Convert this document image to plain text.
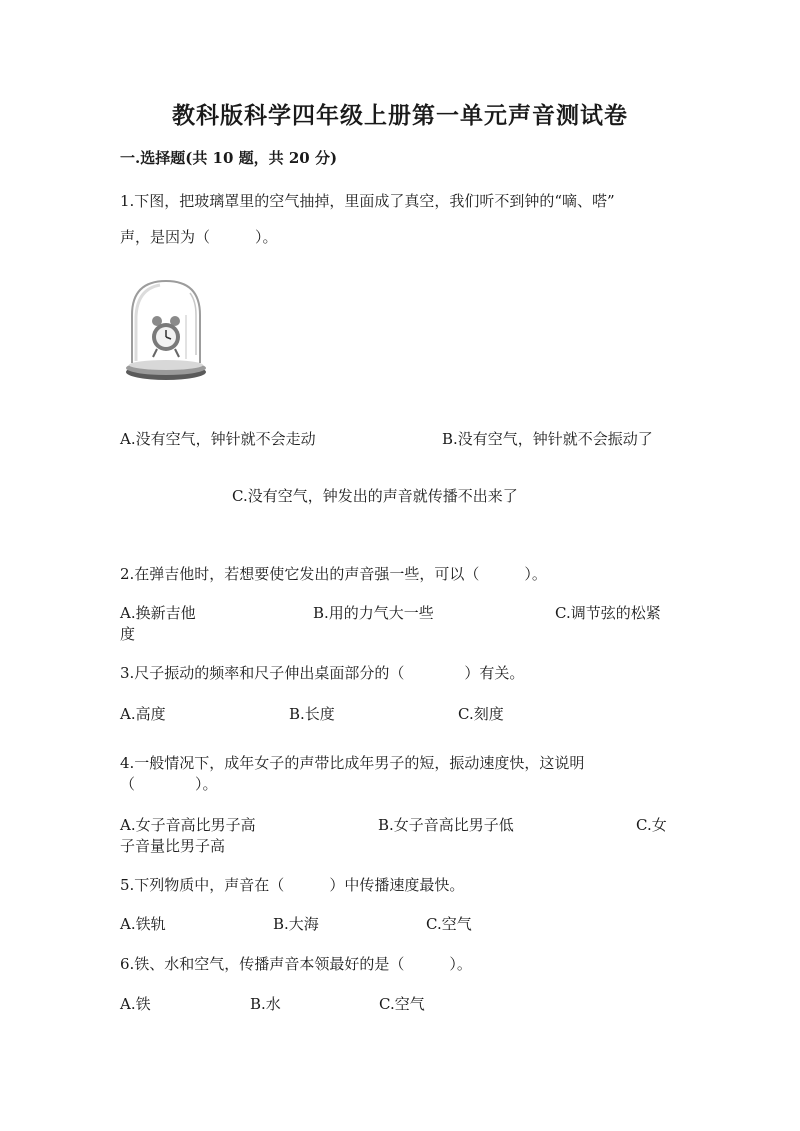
教科版科学四年级上册第一单元声音测试卷
一.选择题(共 10 题，共 20 分)
1.下图，把玻璃罩里的空气抽掉，里面成了真空，我们听不到钟的“嘀、嗒”
声，是因为（　　　）。
A.没有空气，钟针就不会走动	B.没有空气，钟针就不会振动了
C.没有空气，钟发出的声音就传播不出来了
2.在弹吉他时，若想要使它发出的声音强一些，可以（　　　）。
A.换新吉他	B.用的力气大一些	C.调节弦的松紧
度
3.尺子振动的频率和尺子伸出桌面部分的（　　　　）有关。
A.高度	B.长度	C.刻度
4.一般情况下，成年女子的声带比成年男子的短，振动速度快，这说明
（　　　　）。
A.女子音高比男子高	B.女子音高比男子低	C.女
子音量比男子高
5.下列物质中，声音在（　　　）中传播速度最快。
A.铁轨	B.大海	C.空气
6.铁、水和空气，传播声音本领最好的是（　　　）。
A.铁	B.水	C.空气
